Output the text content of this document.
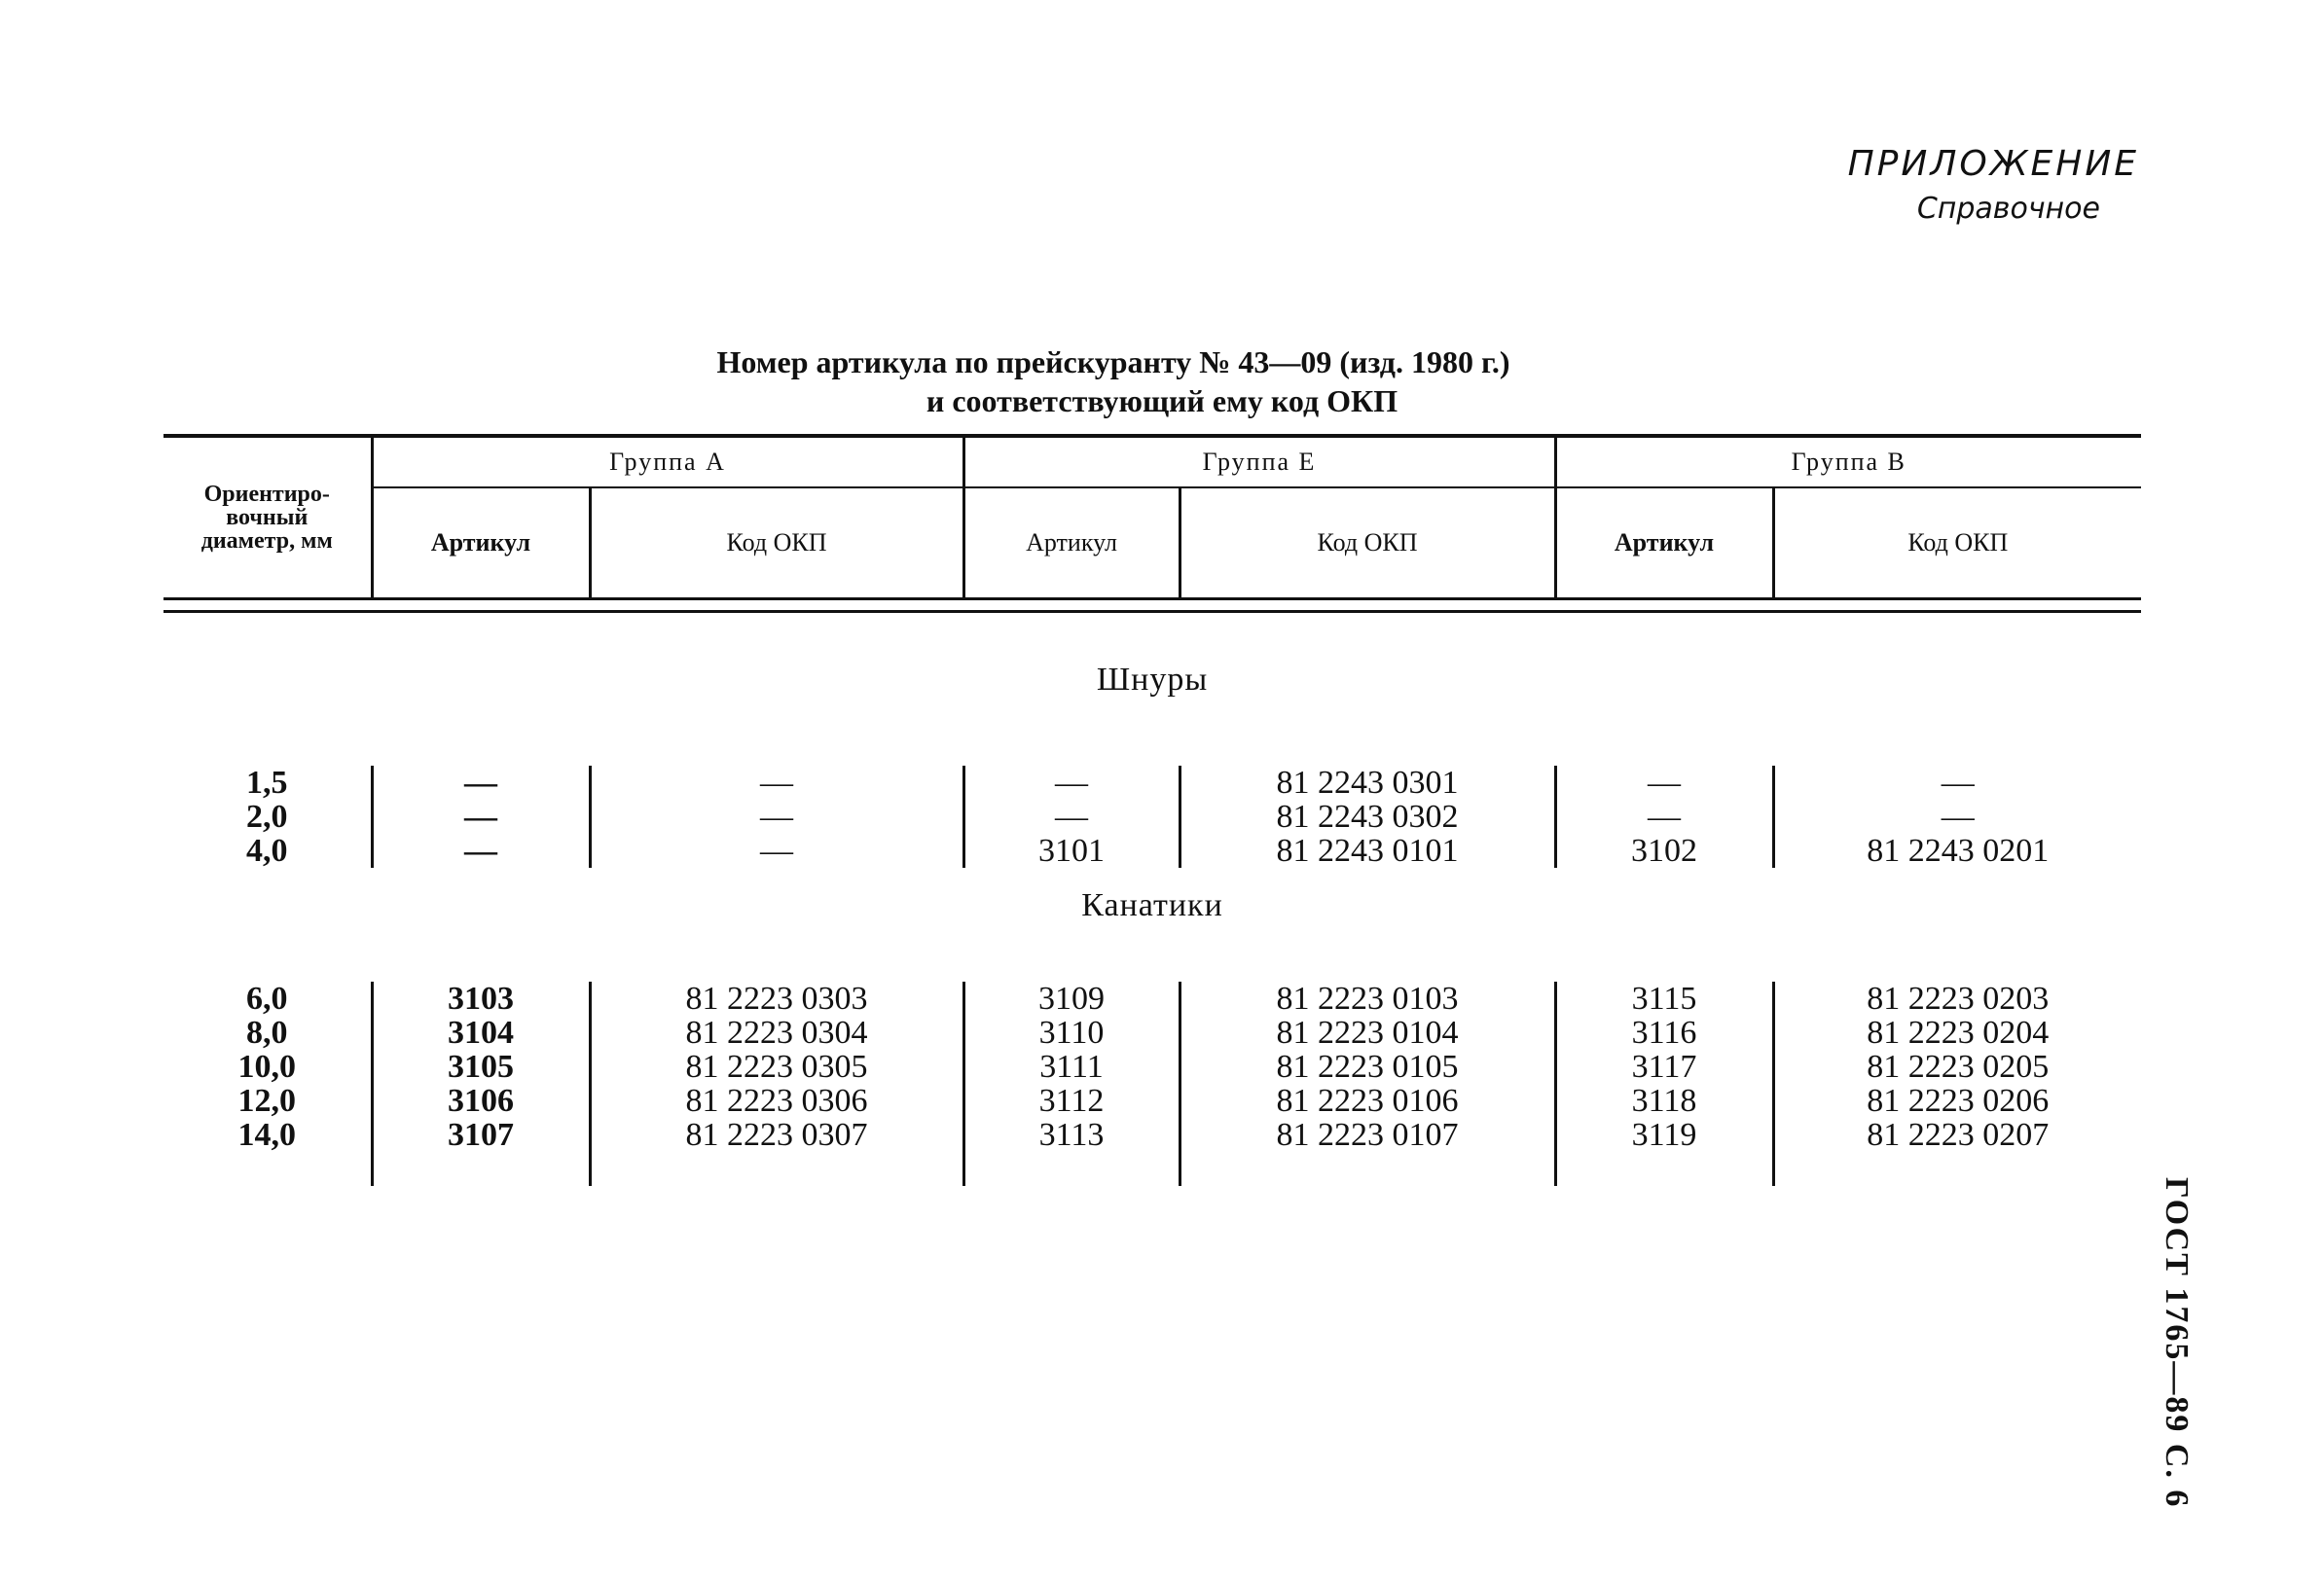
ПРИЛОЖЕНИЕ
Справочное
Номер артикула по прейскуранту № 43—09 (изд. 1980 г.)
и соответствующий ему код ОКП
Ориентиро-
вочный
диаметр, мм	Группа А		Группа Е		Группа В	
	Артикул	Код ОКП	Артикул	Код ОКП	Артикул	Код ОКП

Шнуры						

1,5	—	—	—	81 2243 0301	—	—
2,0	—	—	—	81 2243 0302	—	—
4,0	—	—	3101	81 2243 0101	3102	81 2243 0201
Канатики						

6,0	3103	81 2223 0303	3109	81 2223 0103	3115	81 2223 0203
8,0	3104	81 2223 0304	3110	81 2223 0104	3116	81 2223 0204
10,0	3105	81 2223 0305	3111	81 2223 0105	3117	81 2223 0205
12,0	3106	81 2223 0306	3112	81 2223 0106	3118	81 2223 0206
14,0	3107	81 2223 0307	3113	81 2223 0107	3119	81 2223 0207

ГОСТ 1765—89 С. 6
